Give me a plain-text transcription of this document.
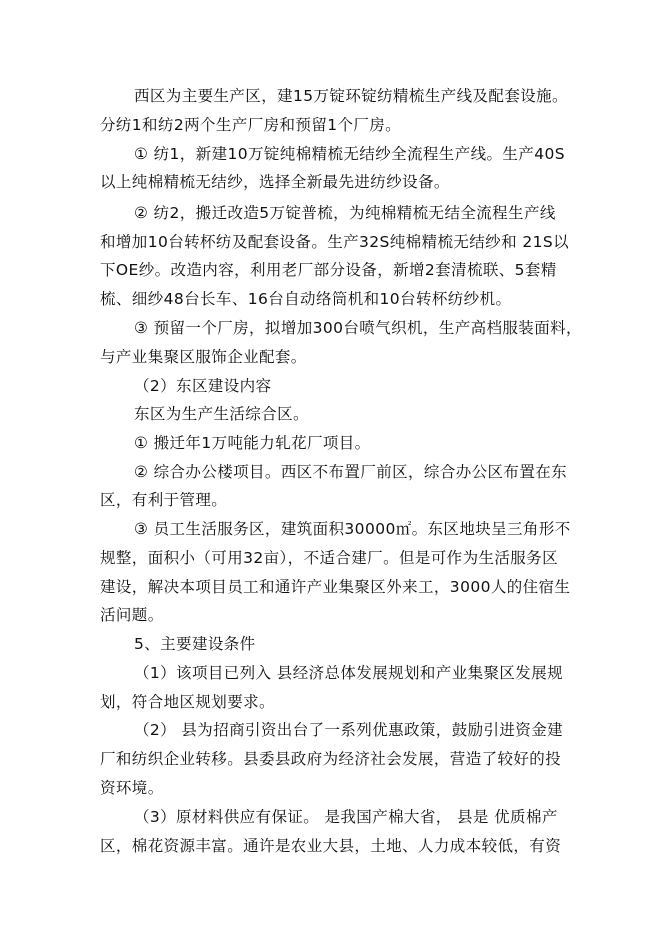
西区为主要生产区，建15万锭环锭纺精梳生产线及配套设施。
分纺1和纺2两个生产厂房和预留1个厂房。
① 纺1，新建10万锭纯棉精梳无结纱全流程生产线。生产40S
以上纯棉精梳无结纱，选择全新最先进纺纱设备。
② 纺2，搬迁改造5万锭普梳，为纯棉精梳无结全流程生产线
和增加10台转杯纺及配套设备。生产32S纯棉精梳无结纱和 21S以
下OE纱。改造内容，利用老厂部分设备，新增2套清梳联、5套精
梳、细纱48台长车、16台自动络筒机和10台转杯纺纱机。
③ 预留一个厂房，拟增加300台喷气织机，生产高档服装面料，
与产业集聚区服饰企业配套。
（2）东区建设内容
东区为生产生活综合区。
① 搬迁年1万吨能力轧花厂项目。
② 综合办公楼项目。西区不布置厂前区，综合办公区布置在东
区，有利于管理。
③ 员工生活服务区，建筑面积30000㎡。东区地块呈三角形不
规整，面积小（可用32亩），不适合建厂。但是可作为生活服务区
建设，解决本项目员工和通许产业集聚区外来工，3000人的住宿生
活问题。
5、主要建设条件
（1）该项目已列入 县经济总体发展规划和产业集聚区发展规
划，符合地区规划要求。
（2） 县为招商引资出台了一系列优惠政策，鼓励引进资金建
厂和纺织企业转移。县委县政府为经济社会发展，营造了较好的投
资环境。
（3）原材料供应有保证。 是我国产棉大省， 县是 优质棉产
区，棉花资源丰富。通许是农业大县，土地、人力成本较低，有资
